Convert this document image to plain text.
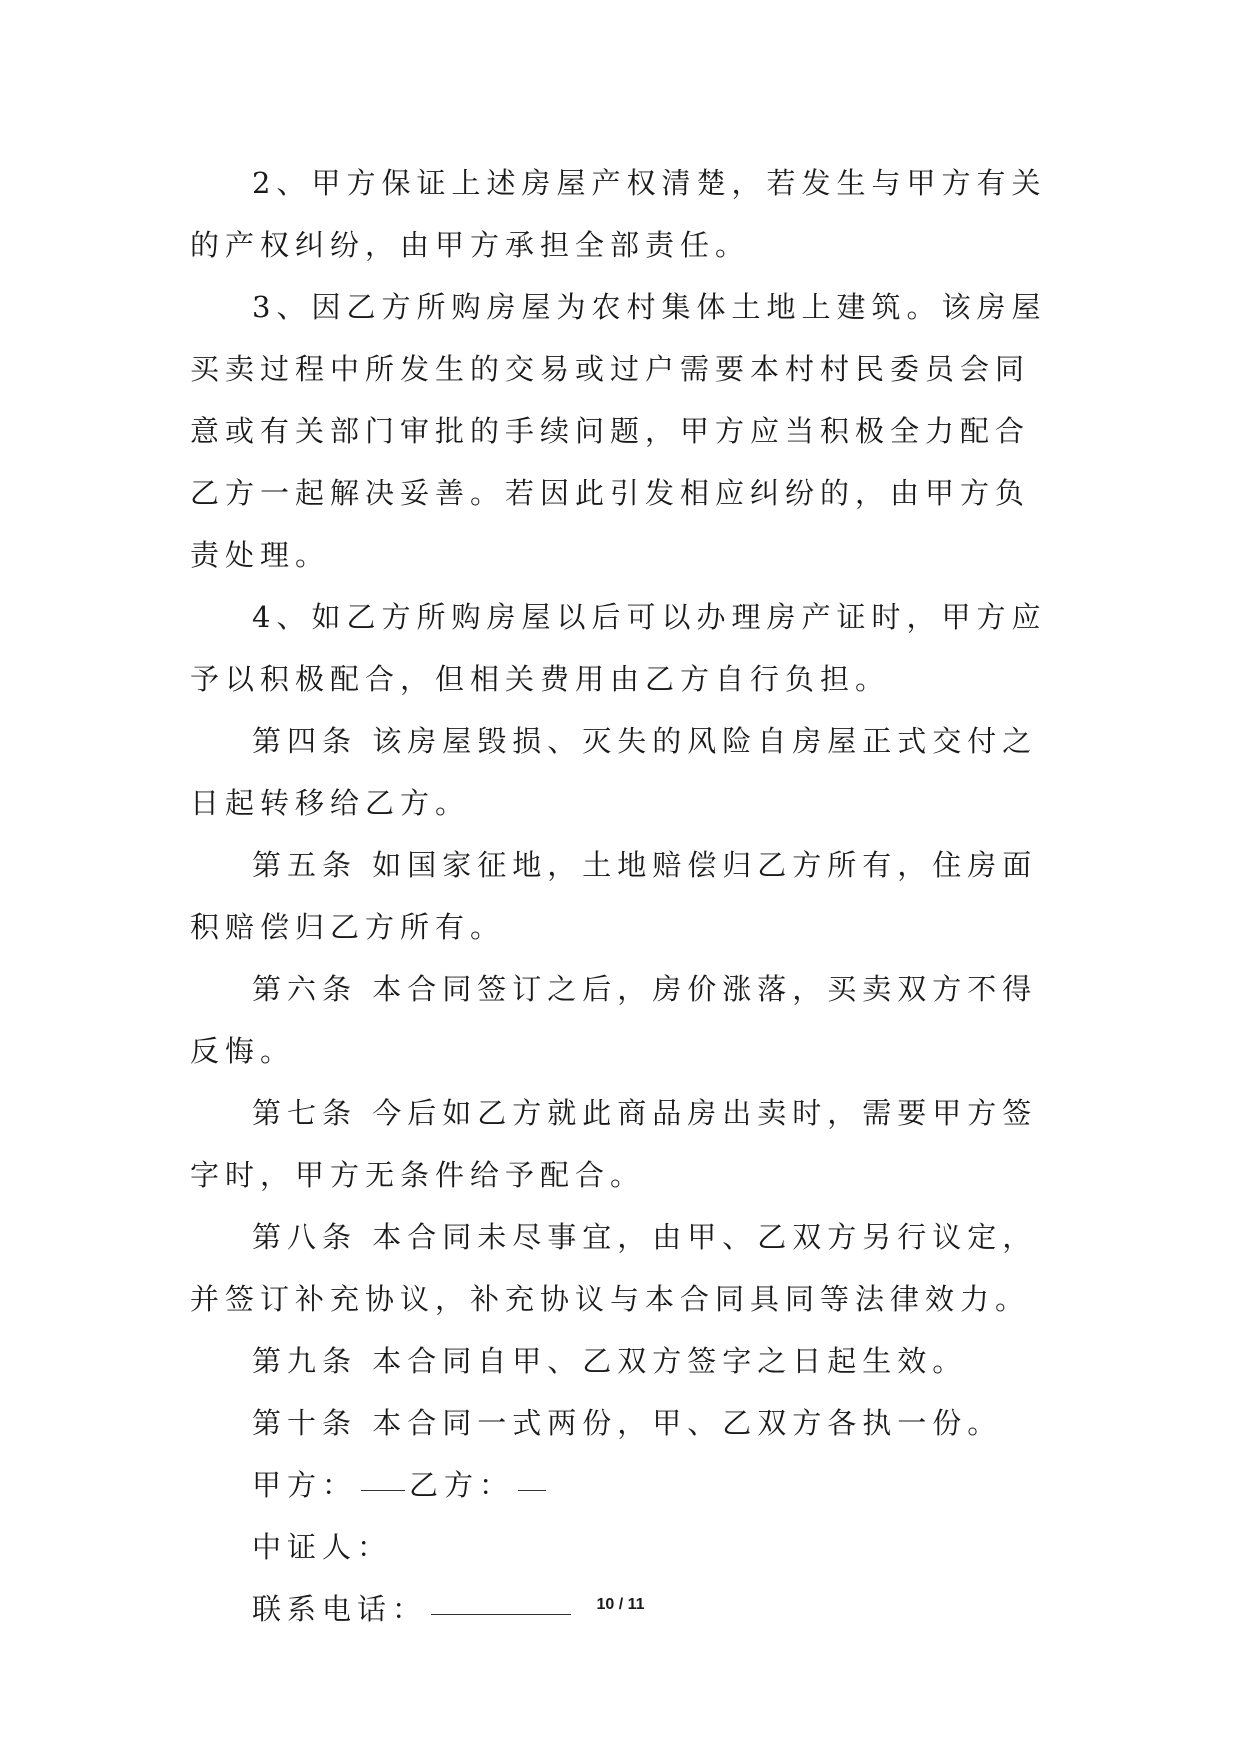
2、甲方保证上述房屋产权清楚，若发生与甲方有关的产权纠纷，由甲方承担全部责任。

3、因乙方所购房屋为农村集体土地上建筑。该房屋买卖过程中所发生的交易或过户需要本村村民委员会同意或有关部门审批的手续问题，甲方应当积极全力配合乙方一起解决妥善。若因此引发相应纠纷的，由甲方负责处理。

4、如乙方所购房屋以后可以办理房产证时，甲方应予以积极配合，但相关费用由乙方自行负担。

第四条 该房屋毁损、灭失的风险自房屋正式交付之日起转移给乙方。

第五条 如国家征地，土地赔偿归乙方所有，住房面积赔偿归乙方所有。

第六条 本合同签订之后，房价涨落，买卖双方不得反悔。

第七条 今后如乙方就此商品房出卖时，需要甲方签字时，甲方无条件给予配合。

第八条 本合同未尽事宜，由甲、乙双方另行议定，并签订补充协议，补充协议与本合同具同等法律效力。

第九条 本合同自甲、乙双方签字之日起生效。

第十条 本合同一式两份，甲、乙双方各执一份。

甲方： 乙方：

中证人：

联系电话：	10 / 11
